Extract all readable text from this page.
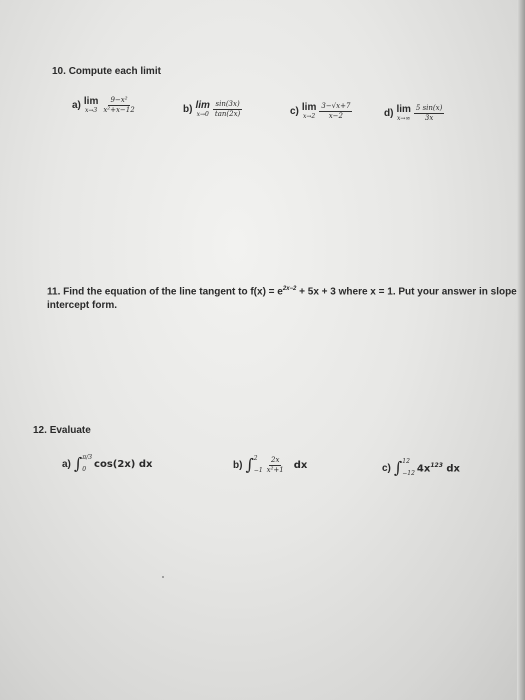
10. Compute each limit
a) lim
$x\to 3 \frac{\text{9−x²}}{\text{x²+x−12}}$	b) lim
$x\to 0 \frac{\sin(3x)}{\tan(2x)}$	c) lim
$x\to 2 \frac{3-√x+7}{x-2}$	d) lim
$x\to\infty \frac{5 \sin(x)}{3x}$
11. Find the equation of the line tangent to $f(x) = e^{2x-2} + 5x + 3$ where x = 1. Put your answer in slope
intercept form.
12. Evaluate
a) ∫ π/3
0 cos(2x) dx	b) ∫ 2
$-1 \frac{2x}{\text{x²+1}}$ dx	c) ∫ 12
−12 $4x^{123}$ dx
